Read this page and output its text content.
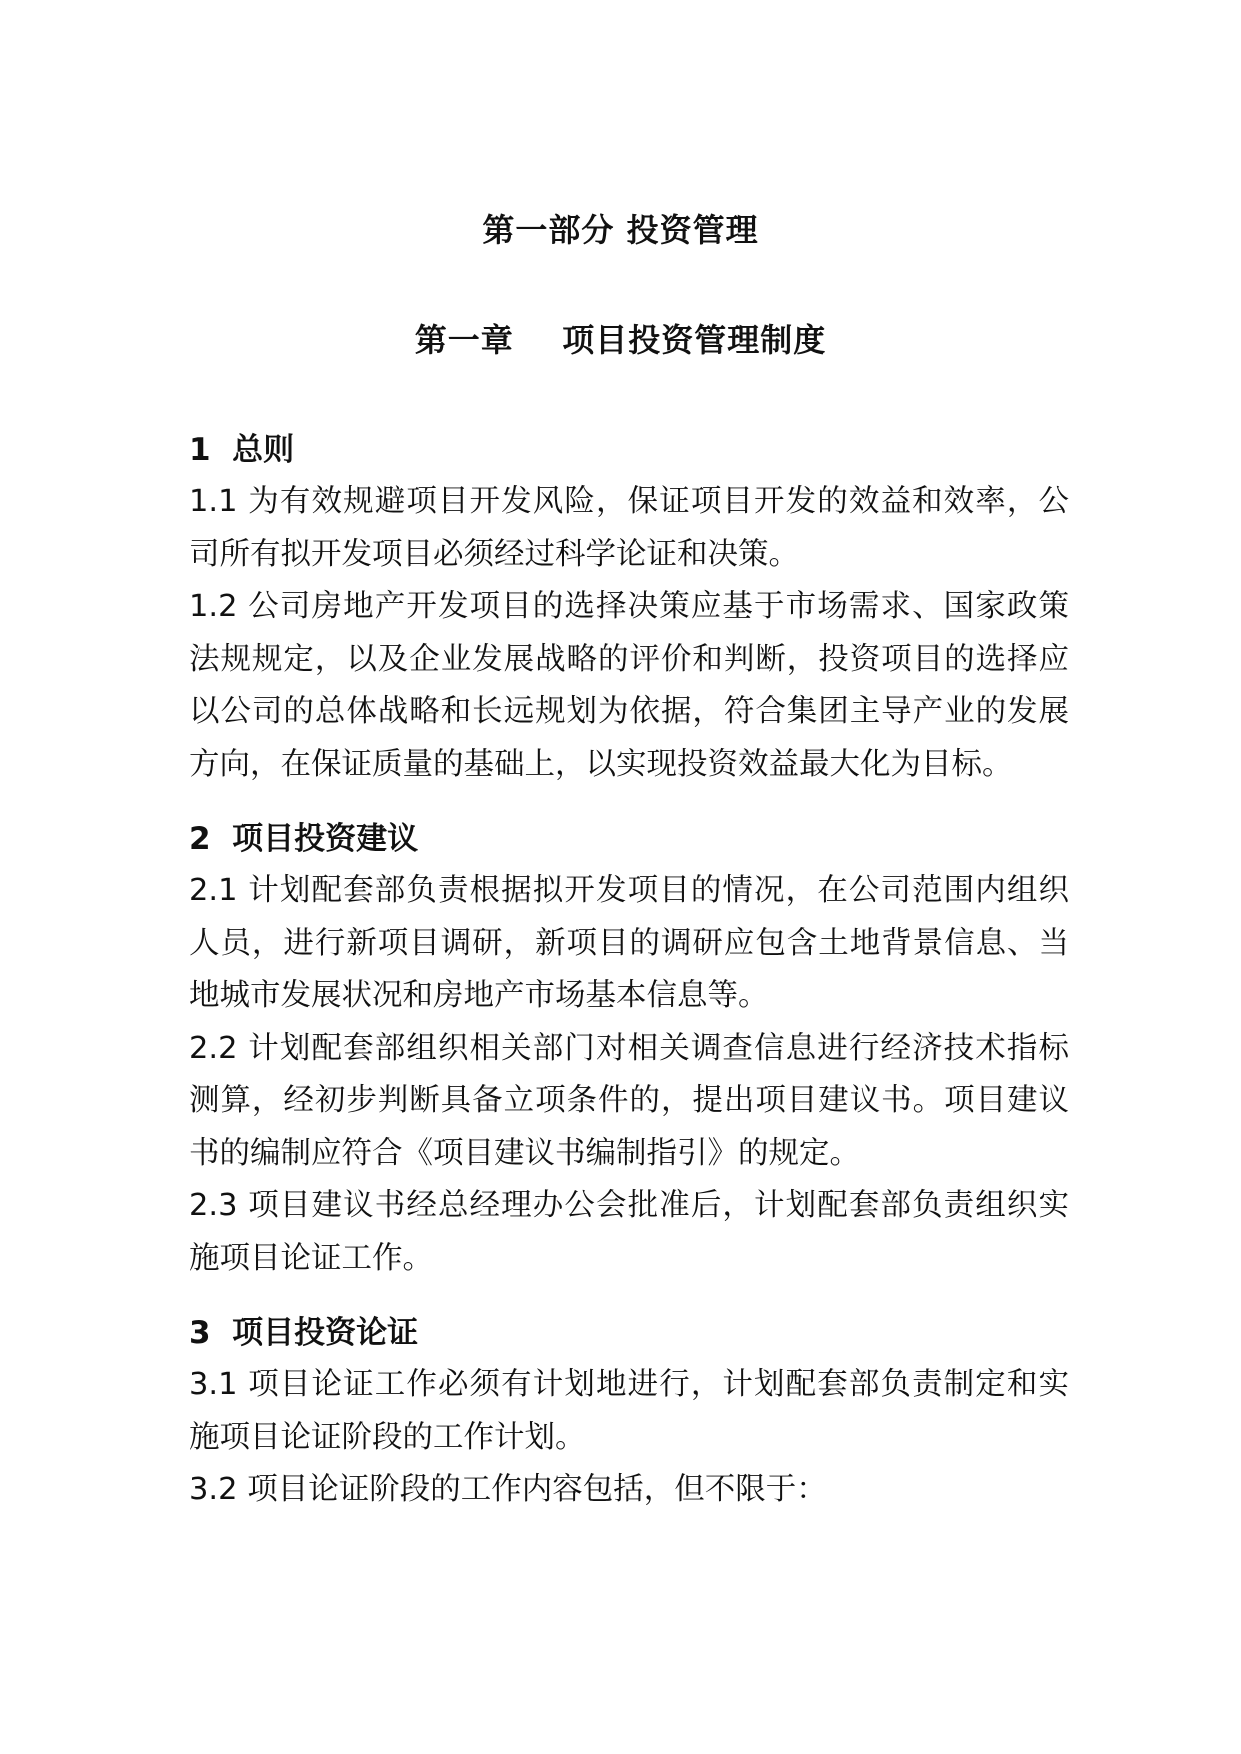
第一部分 投资管理
第一章    项目投资管理制度

1  总则

1.1 为有效规避项目开发风险，保证项目开发的效益和效率，公司所有拟开发项目必须经过科学论证和决策。

1.2 公司房地产开发项目的选择决策应基于市场需求、国家政策法规规定，以及企业发展战略的评价和判断，投资项目的选择应以公司的总体战略和长远规划为依据，符合集团主导产业的发展方向，在保证质量的基础上，以实现投资效益最大化为目标。

2  项目投资建议

2.1 计划配套部负责根据拟开发项目的情况，在公司范围内组织人员，进行新项目调研，新项目的调研应包含土地背景信息、当地城市发展状况和房地产市场基本信息等。

2.2 计划配套部组织相关部门对相关调查信息进行经济技术指标测算，经初步判断具备立项条件的，提出项目建议书。项目建议书的编制应符合《项目建议书编制指引》的规定。

2.3 项目建议书经总经理办公会批准后，计划配套部负责组织实施项目论证工作。

3  项目投资论证

3.1 项目论证工作必须有计划地进行，计划配套部负责制定和实施项目论证阶段的工作计划。

3.2 项目论证阶段的工作内容包括，但不限于：
